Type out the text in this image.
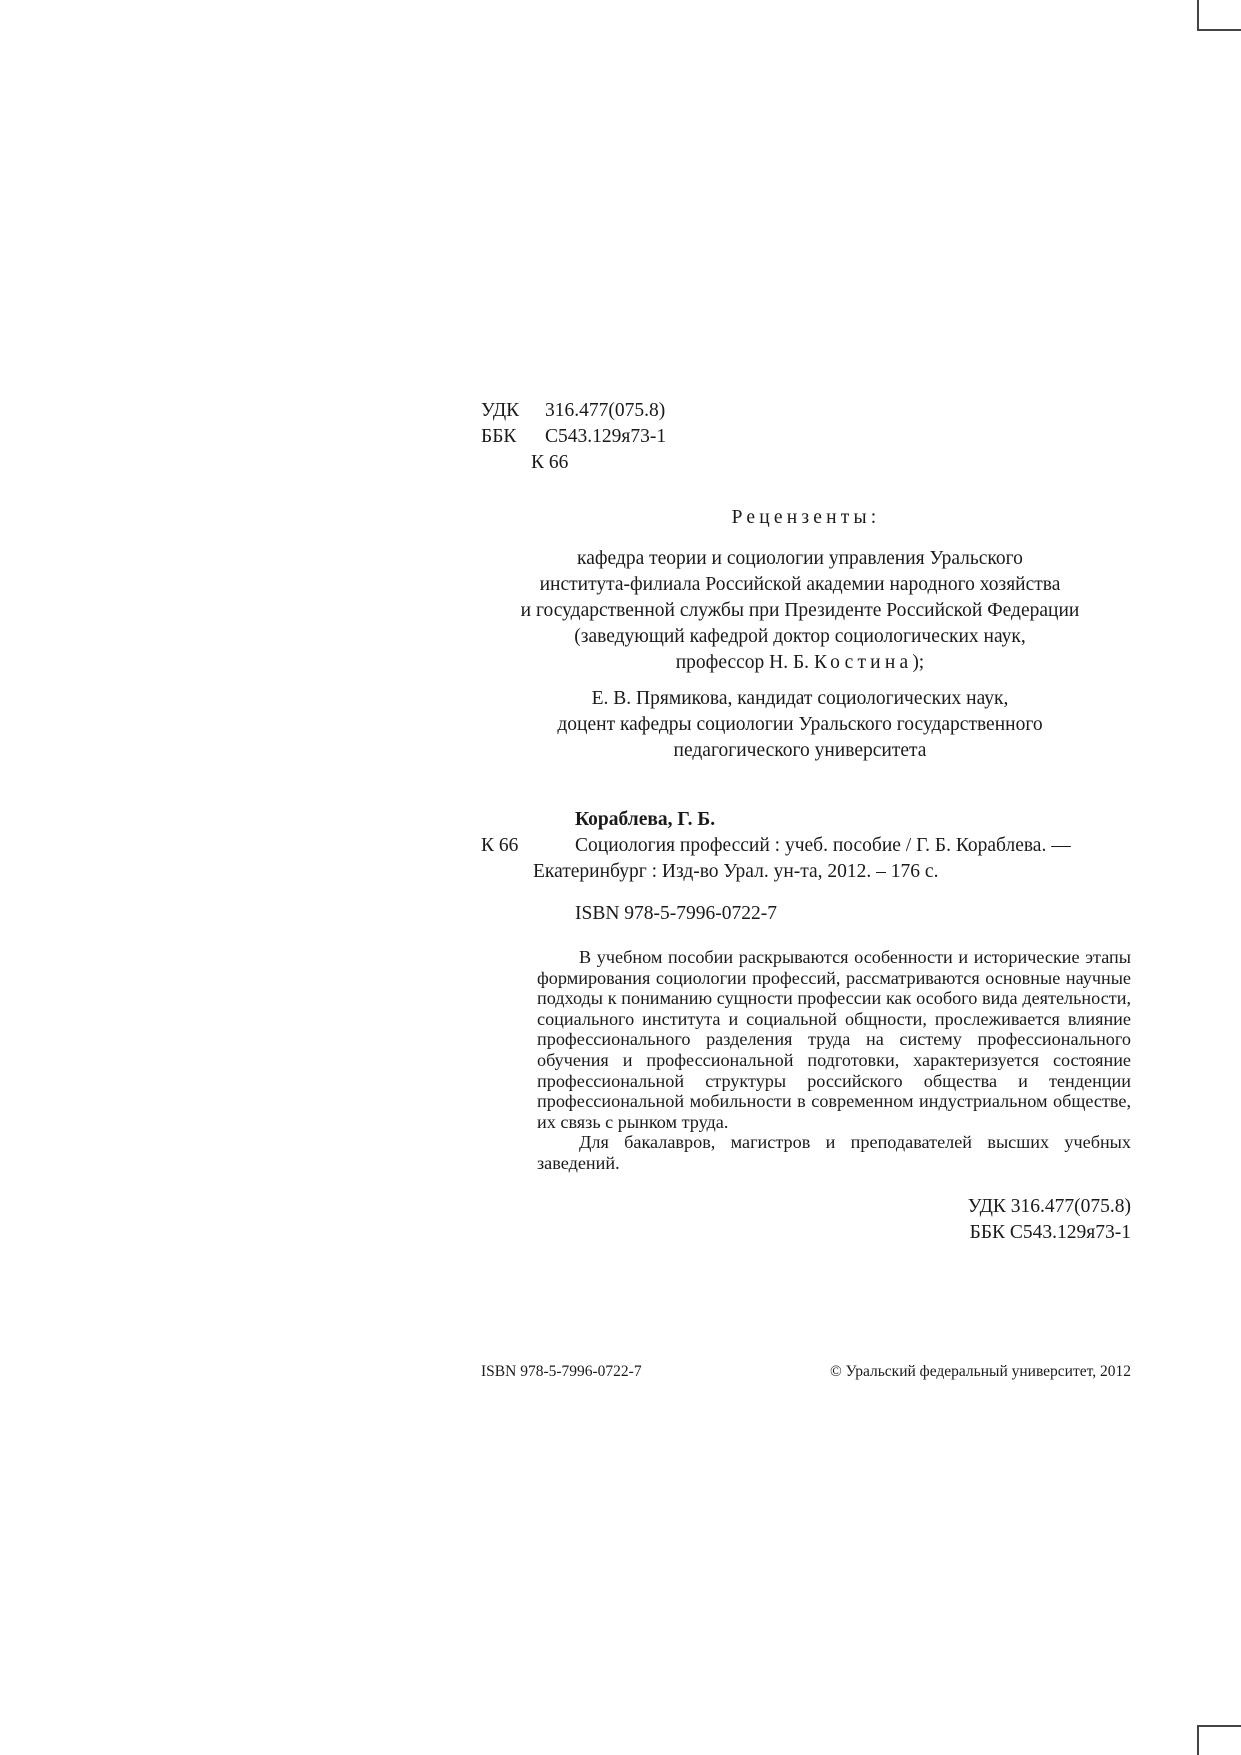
УДК 316.477(075.8)
ББК С543.129я73-1
К 66

Рецензенты:

кафедра теории и социологии управления Уральского

института-филиала Российской академии народного хозяйства

и государственной службы при Президенте Российской Федерации

(заведующий кафедрой доктор социологических наук,

профессор Н. Б. Костина);

Е. В. Прямикова, кандидат социологических наук,

доцент кафедры социологии Уральского государственного

педагогического университета

Кораблева, Г. Б.
К 66	Социология профессий : учеб. пособие / Г. Б. Кораблева. —
Екатеринбург : Изд-во Урал. ун-та, 2012. – 176 с.
ISBN 978-5-7996-0722-7

В учебном пособии раскрываются особенности и исторические этапы формирования социологии профессий, рассматриваются основные научные подходы к пониманию сущности профессии как особого вида деятельности, социального института и социальной общности, прослеживается влияние профессионального разделения труда на систему профессионального обучения и профессиональной подготовки, характеризуется состояние профессиональной структуры российского общества и тенденции профессиональной мобильности в современном индустриальном обществе, их связь с рынком труда.

Для бакалавров, магистров и преподавателей высших учебных заведений.

УДК 316.477(075.8)
ББК С543.129я73-1
ISBN 978-5-7996-0722-7	© Уральский федеральный университет, 2012
